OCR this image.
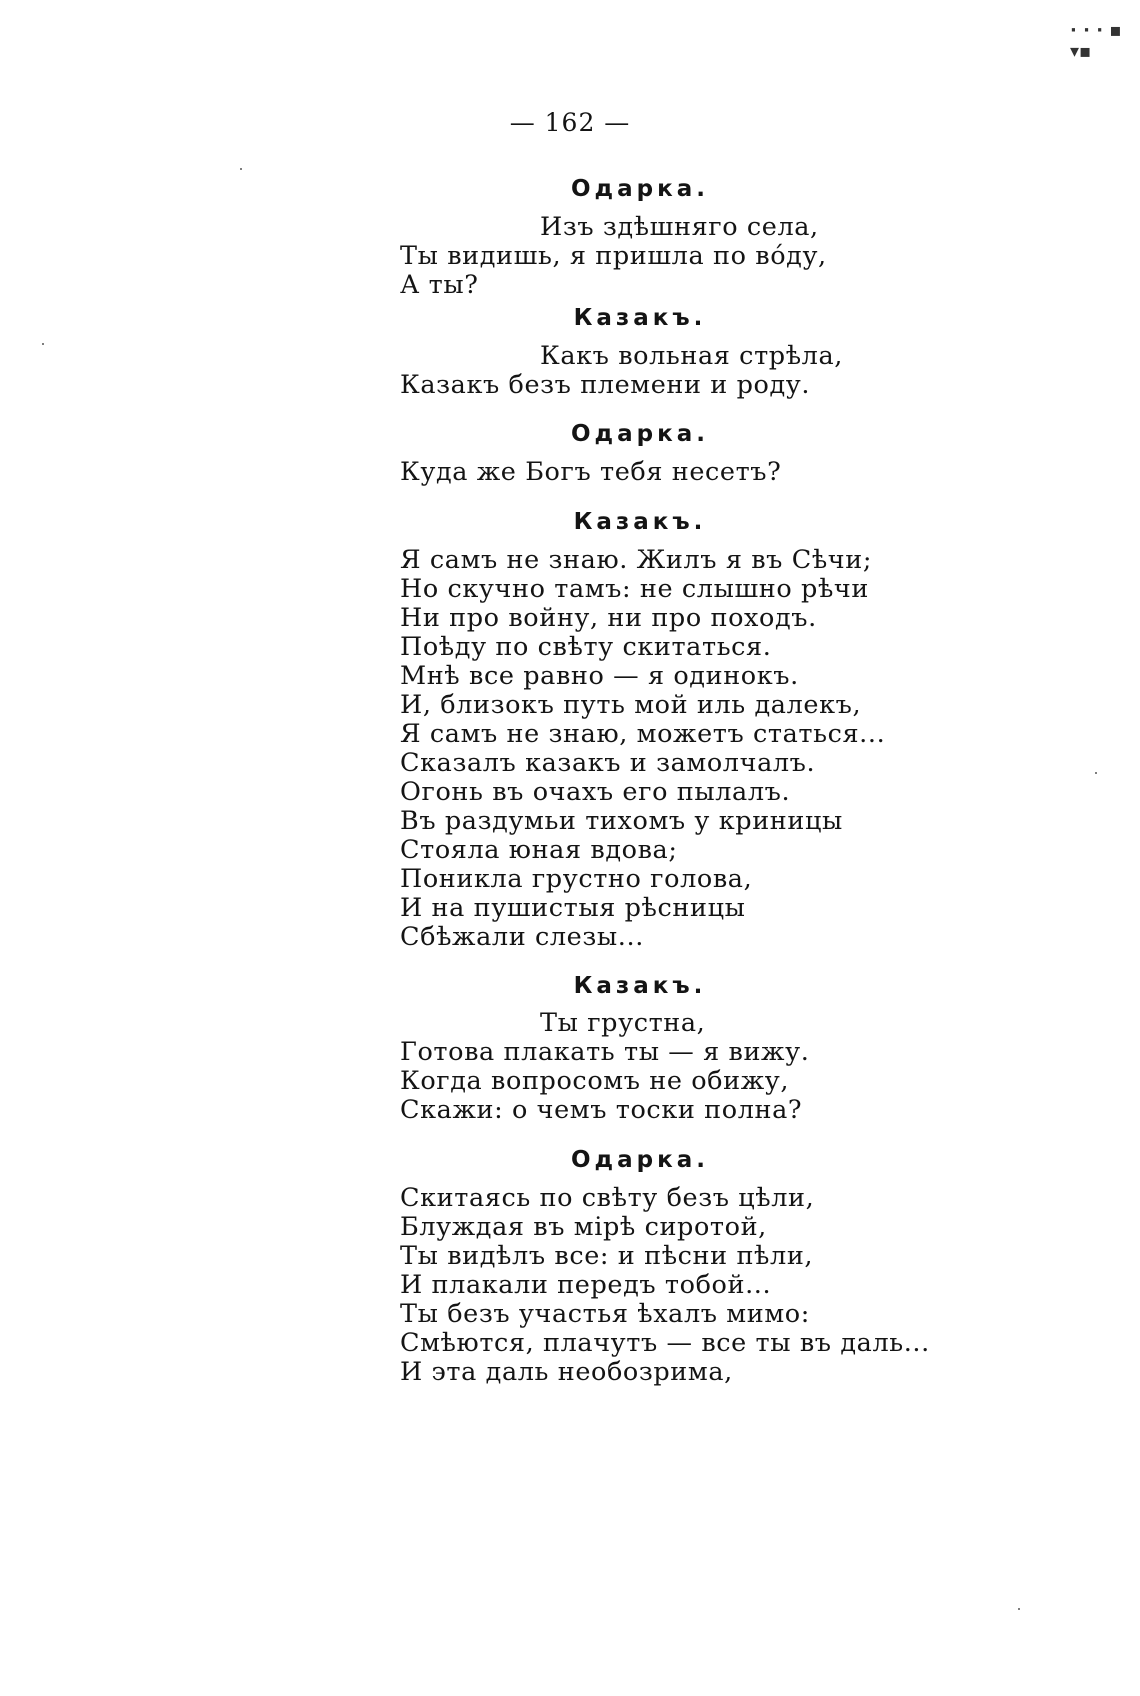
· · · ▪ ▾▪
— 162 —
Одарка.
Изъ здѣшняго села,
Ты видишь, я пришла по вóду,
А ты?
Казакъ.
Какъ вольная стрѣла,
Казакъ безъ племени и роду.
Одарка.
Куда же Богъ тебя несетъ?
Казакъ.
Я самъ не знаю. Жилъ я въ Сѣчи;
Но скучно тамъ: не слышно рѣчи
Ни про войну, ни про походъ.
Поѣду по свѣту скитаться.
Мнѣ все равно — я одинокъ.
И, близокъ путь мой иль далекъ,
Я самъ не знаю, можетъ статься...
Сказалъ казакъ и замолчалъ.
Огонь въ очахъ его пылалъ.
Въ раздумьи тихомъ у криницы
Стояла юная вдова;
Поникла грустно голова,
И на пушистыя рѣсницы
Сбѣжали слезы...
Казакъ.
Ты грустна,
Готова плакать ты — я вижу.
Когда вопросомъ не обижу,
Скажи: о чемъ тоски полна?
Одарка.
Скитаясь по свѣту безъ цѣли,
Блуждая въ мірѣ сиротой,
Ты видѣлъ все: и пѣсни пѣли,
И плакали передъ тобой...
Ты безъ участья ѣхалъ мимо:
Смѣются, плачутъ — все ты въ даль...
И эта даль необозрима,
